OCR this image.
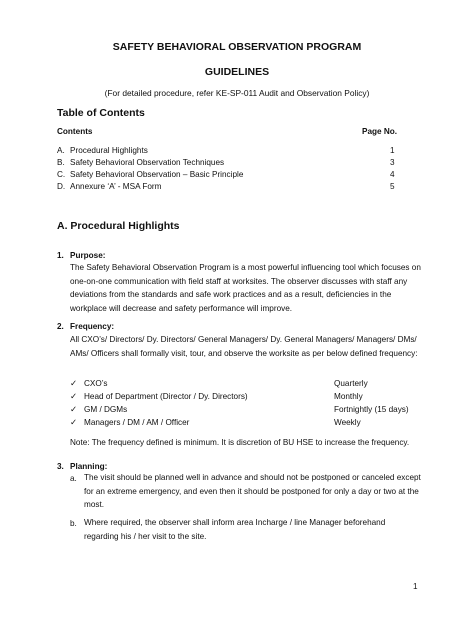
SAFETY BEHAVIORAL OBSERVATION PROGRAM
GUIDELINES
(For detailed procedure, refer KE-SP-011 Audit and Observation Policy)
Table of Contents
Contents	Page No.
A. Procedural Highlights	1
B. Safety Behavioral Observation Techniques	3
C. Safety Behavioral Observation – Basic Principle	4
D. Annexure ‘A’ - MSA Form	5
A. Procedural Highlights
1. Purpose:
The Safety Behavioral Observation Program is a most powerful influencing tool which focuses on one-on-one communication with field staff at worksites. The observer discusses with staff any deviations from the standards and safe work practices and as a result, deficiencies in the workplace will decrease and safety performance will improve.
2. Frequency:
All CXO’s/ Directors/ Dy. Directors/ General Managers/ Dy. General Managers/ Managers/ DMs/ AMs/ Officers shall formally visit, tour, and observe the worksite as per below defined frequency:
✓ CXO’s	Quarterly
✓ Head of Department (Director / Dy. Directors)	Monthly
✓ GM / DGMs	Fortnightly (15 days)
✓ Managers / DM / AM / Officer	Weekly
Note: The frequency defined is minimum. It is discretion of BU HSE to increase the frequency.
3. Planning:
a. The visit should be planned well in advance and should not be postponed or canceled except for an extreme emergency, and even then it should be postponed for only a day or two at the most.
b. Where required, the observer shall inform area Incharge / line Manager beforehand regarding his / her visit to the site.
1
